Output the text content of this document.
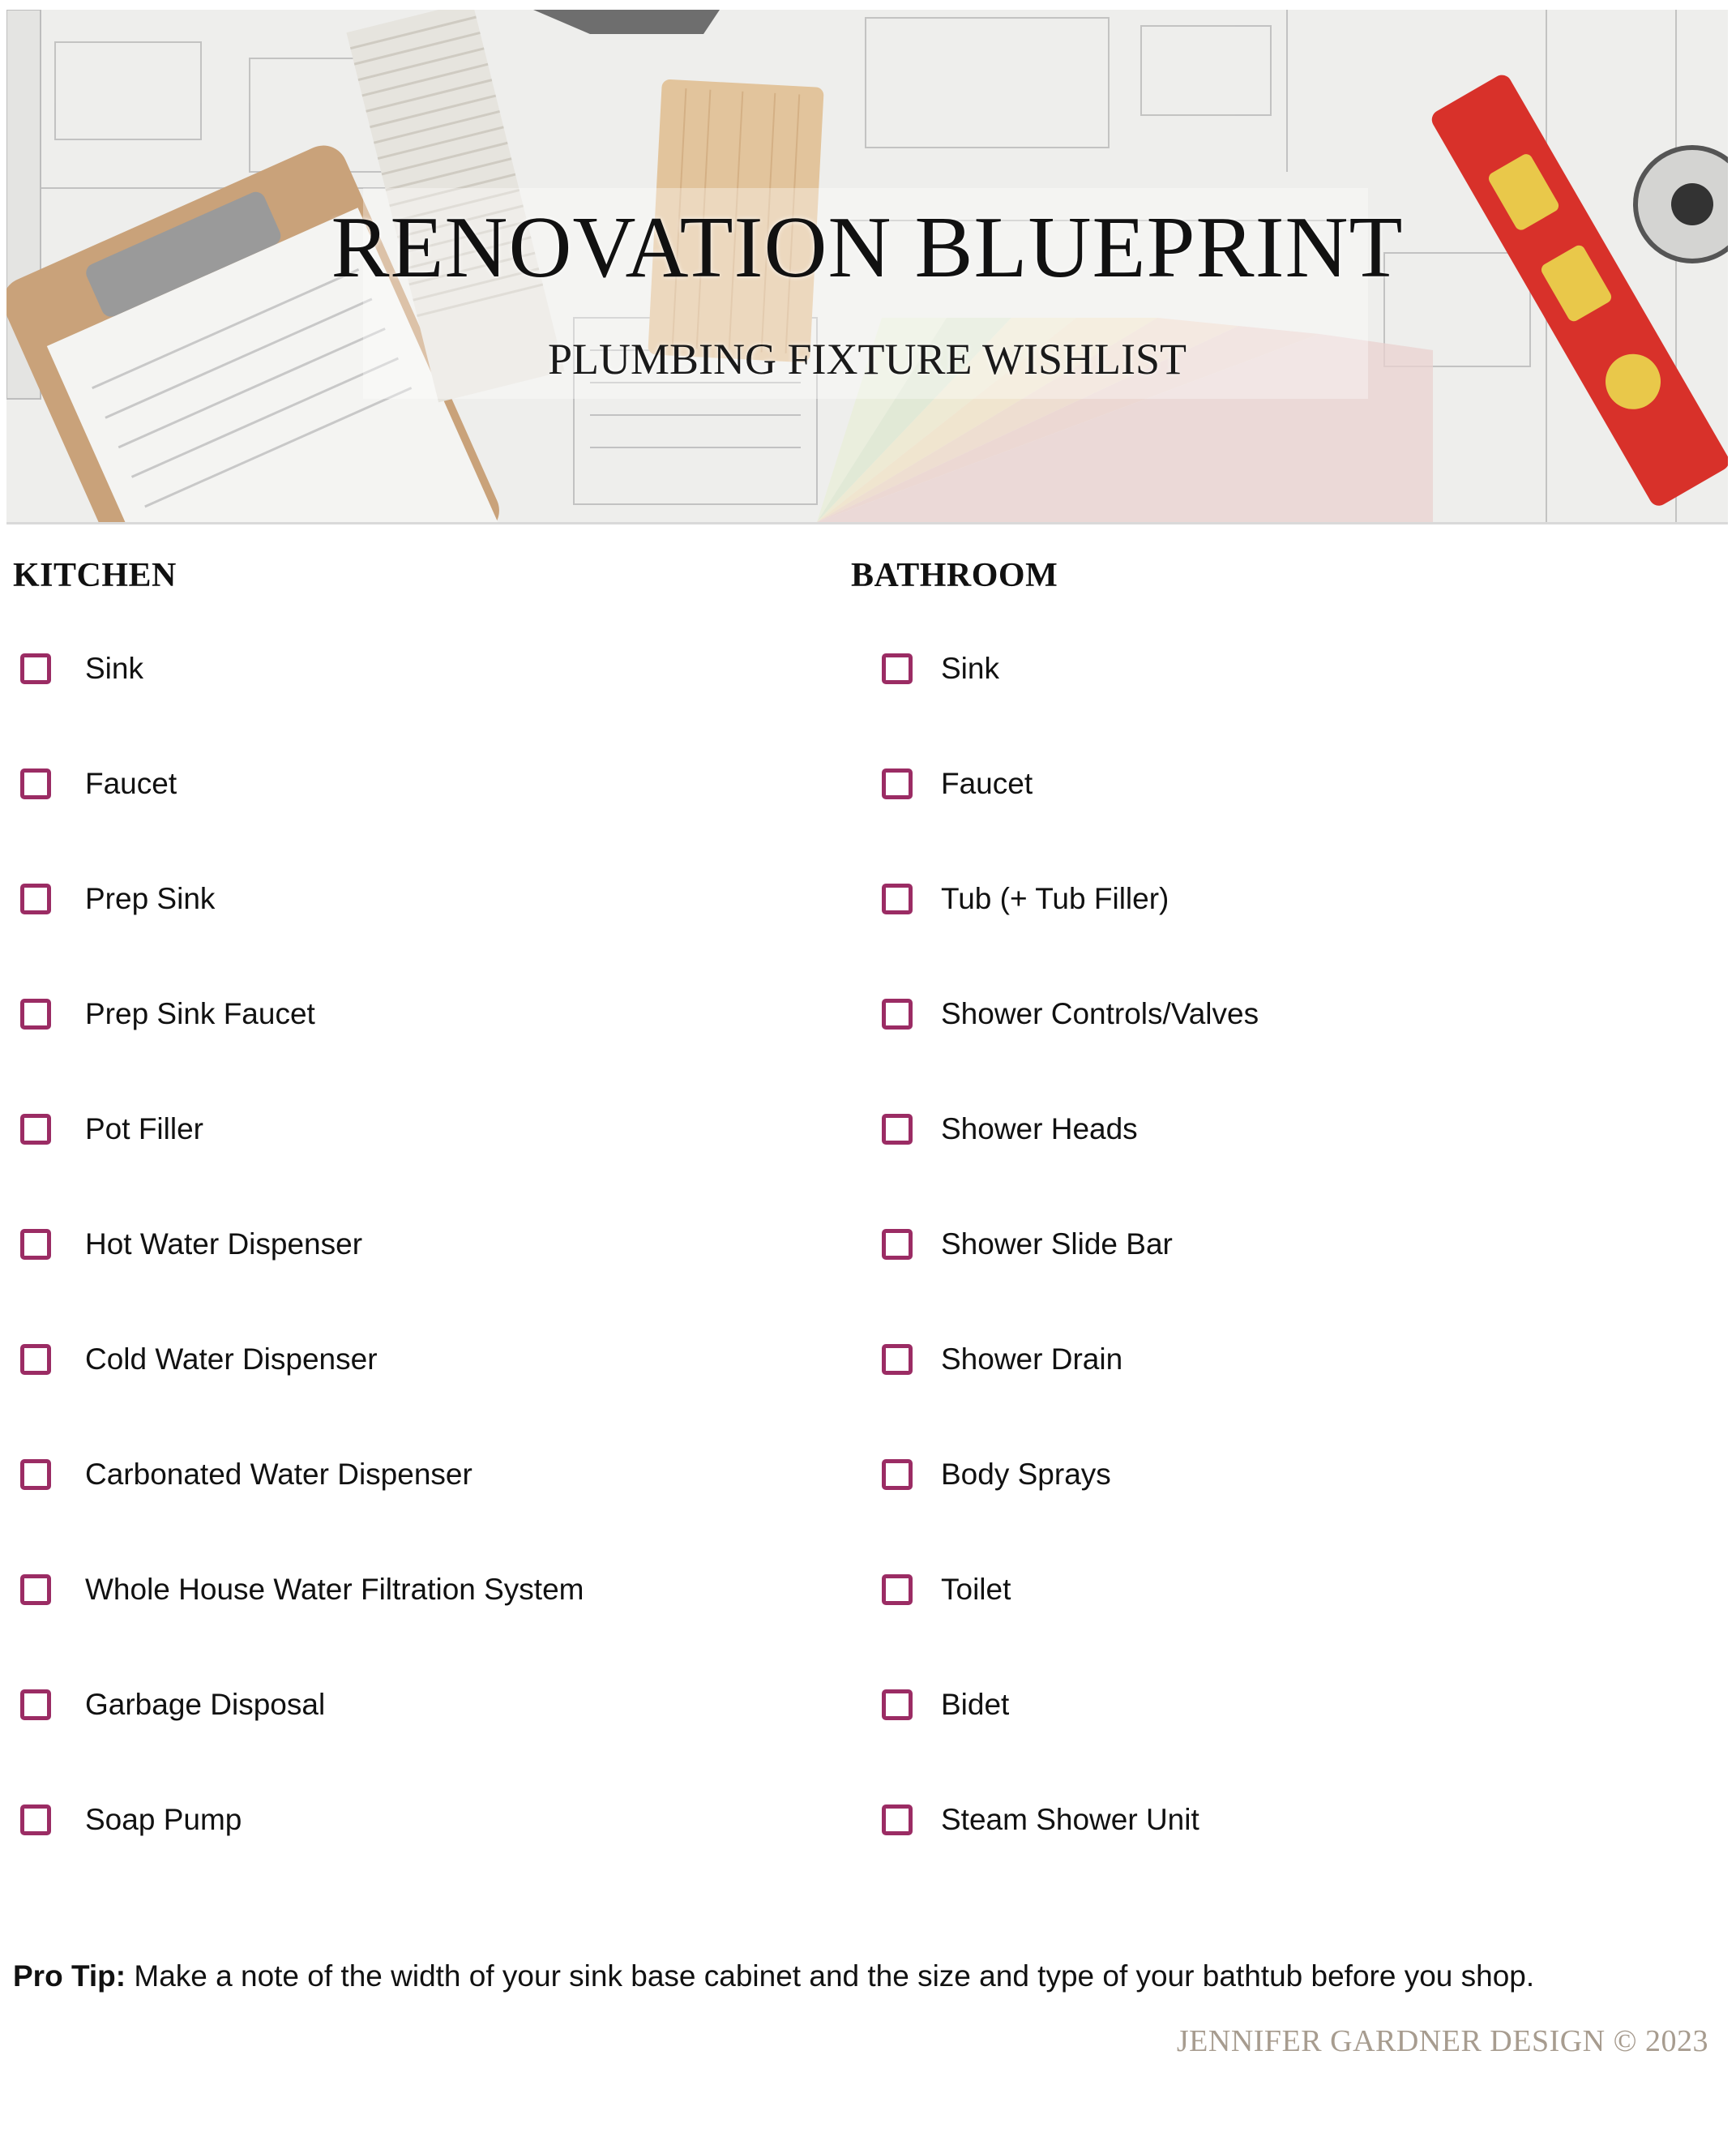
RENOVATION BLUEPRINT
PLUMBING FIXTURE WISHLIST
KITCHEN
Sink
Faucet
Prep Sink
Prep Sink Faucet
Pot Filler
Hot Water Dispenser
Cold Water Dispenser
Carbonated Water Dispenser
Whole House Water Filtration System
Garbage Disposal
Soap Pump
BATHROOM
Sink
Faucet
Tub (+ Tub Filler)
Shower Controls/Valves
Shower Heads
Shower Slide Bar
Shower Drain
Body Sprays
Toilet
Bidet
Steam Shower Unit

Pro Tip: Make a note of the width of your sink base cabinet and the size and type of your bathtub before you shop.

JENNIFER GARDNER DESIGN © 2023
